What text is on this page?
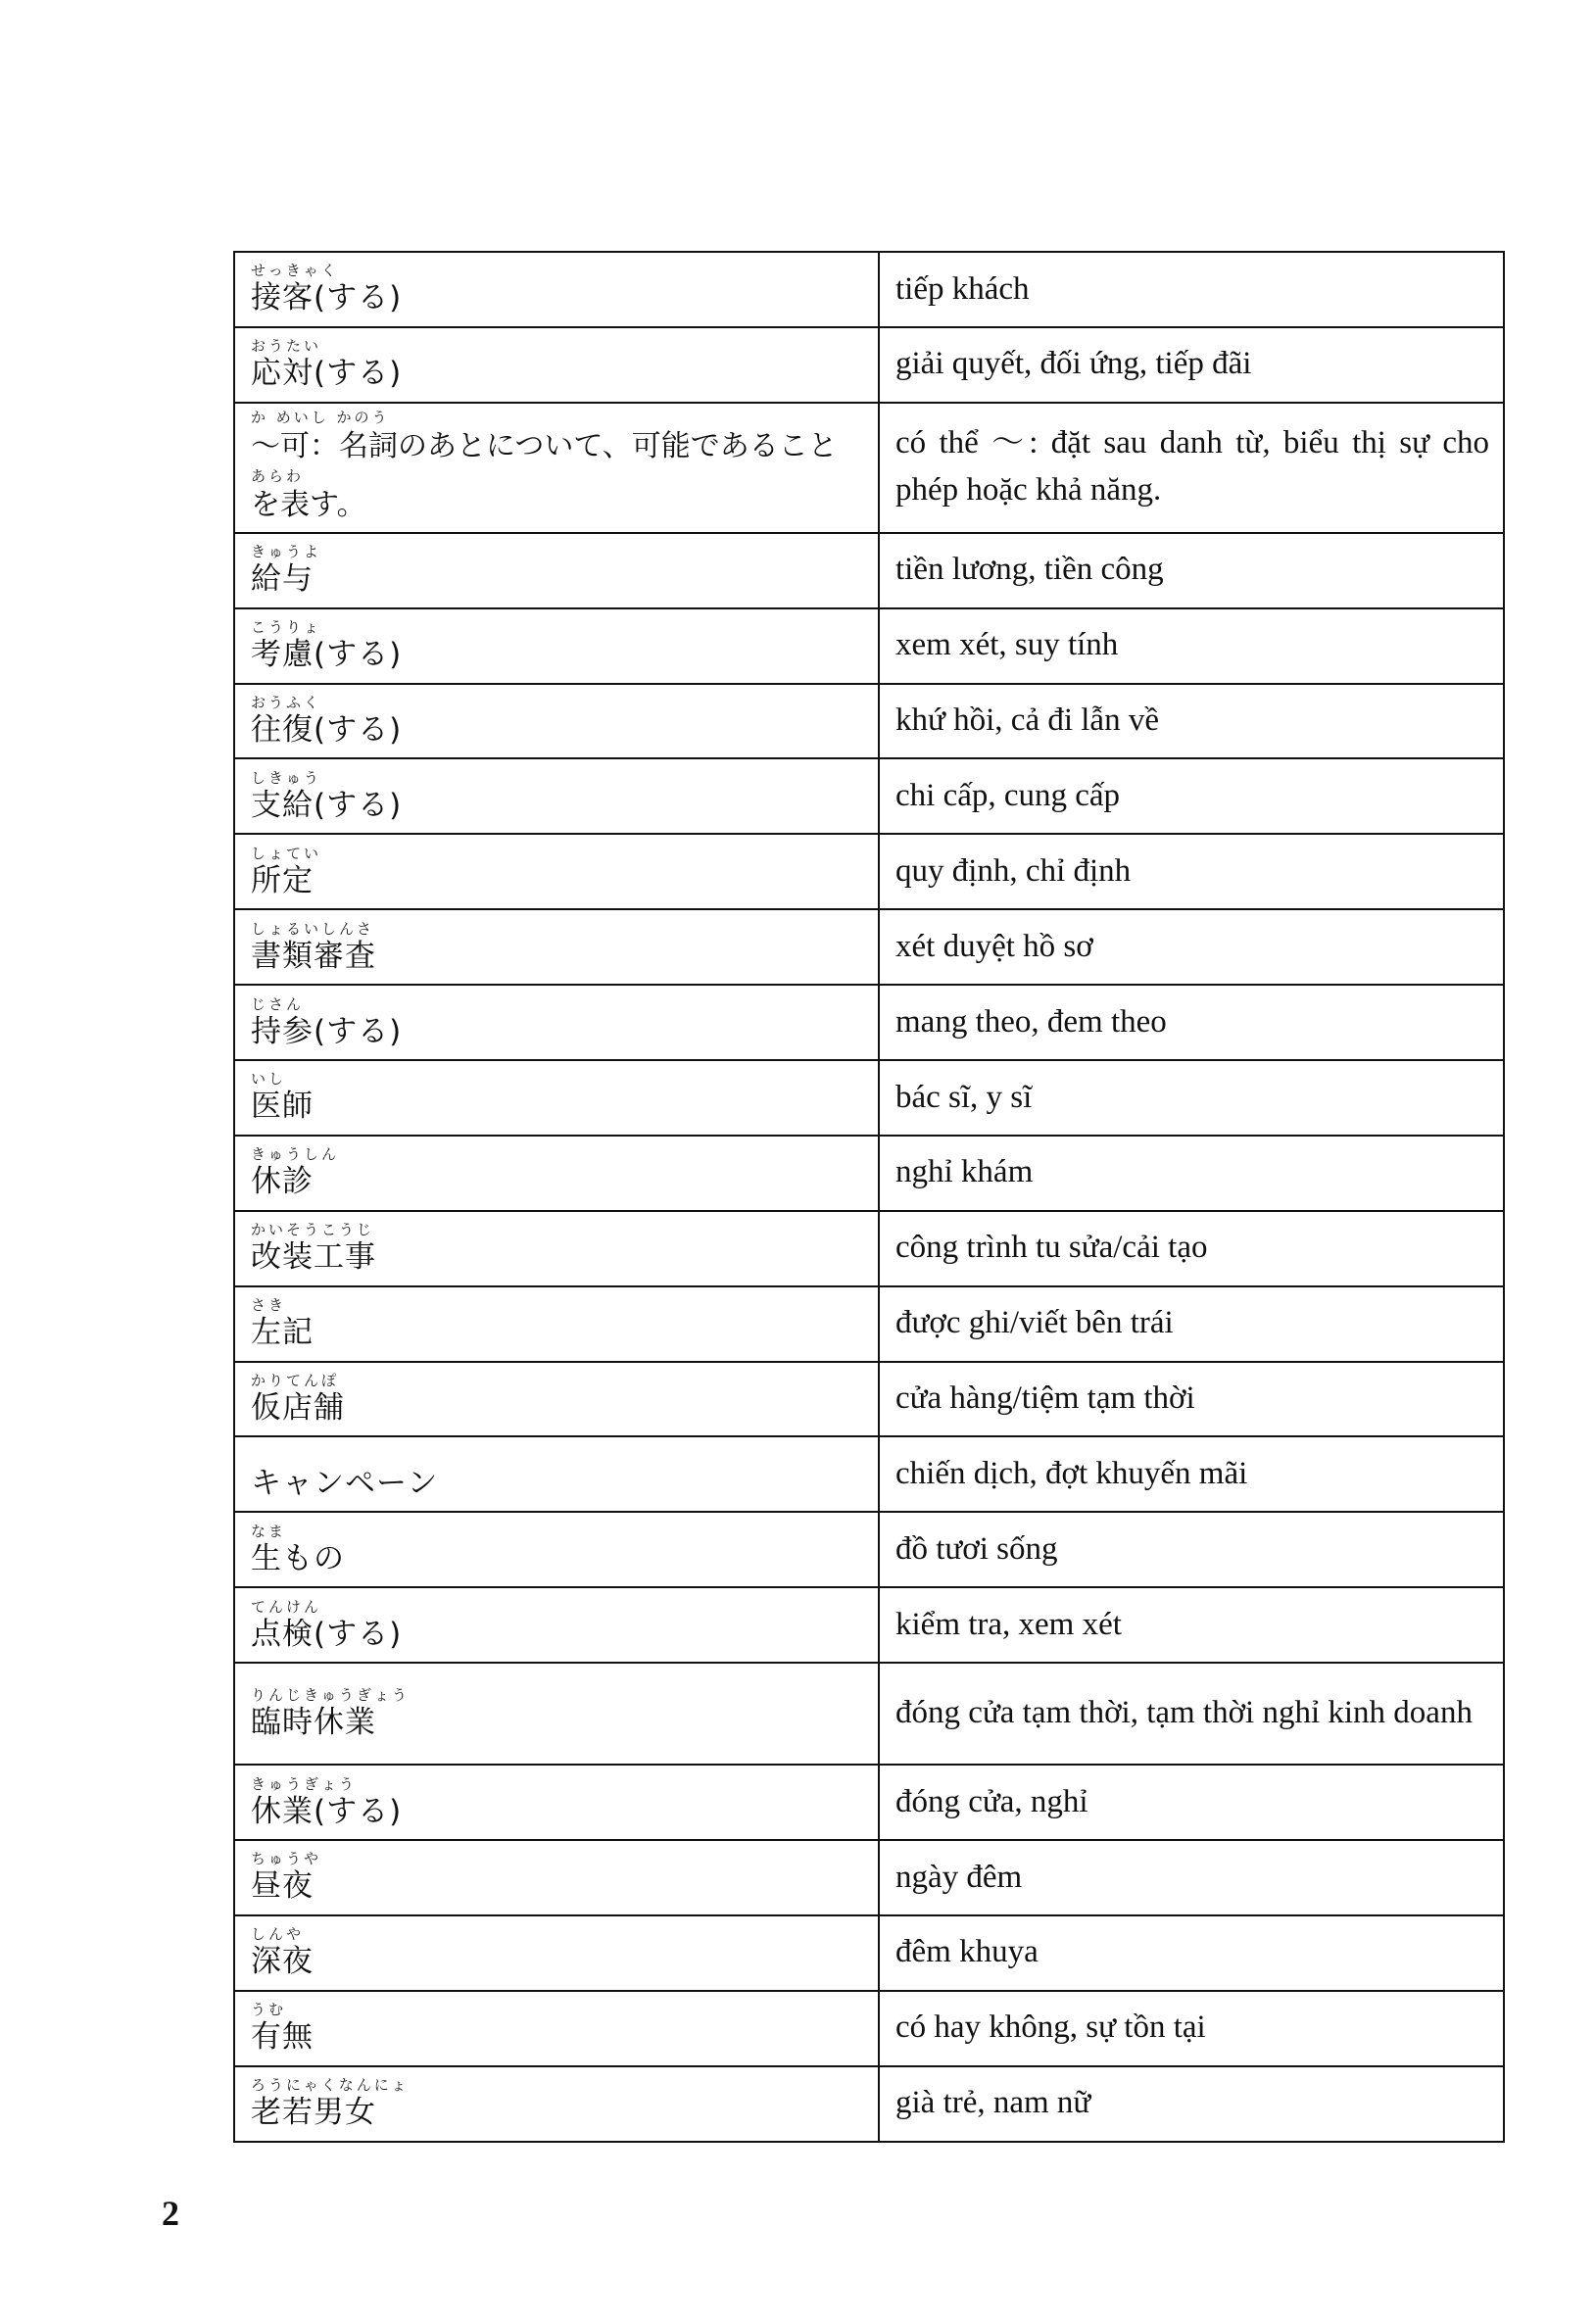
せっきゃく
接客(する)	tiếp khách

おうたい
応対(する)	giải quyết, đối ứng, tiếp đãi

か めいし かのう
〜可：名詞のあとについて、可能であること
あらわ
を表す。	có thể ～: đặt sau danh từ, biểu thị sự cho phép hoặc khả năng.

きゅうよ
給与	tiền lương, tiền công

こうりょ
考慮(する)	xem xét, suy tính

おうふく
往復(する)	khứ hồi, cả đi lẫn về

しきゅう
支給(する)	chi cấp, cung cấp

しょてい
所定	quy định, chỉ định

しょるいしんさ
書類審査	xét duyệt hồ sơ

じさん
持参(する)	mang theo, đem theo

いし
医師	bác sĩ, y sĩ

きゅうしん
休診	nghỉ khám

かいそうこうじ
改装工事	công trình tu sửa/cải tạo

さき
左記	được ghi/viết bên trái

かりてんぽ
仮店舗	cửa hàng/tiệm tạm thời

キャンペーン	chiến dịch, đợt khuyến mãi

なま
生もの	đồ tươi sống

てんけん
点検(する)	kiểm tra, xem xét

りんじきゅうぎょう
臨時休業	đóng cửa tạm thời, tạm thời nghỉ kinh doanh

きゅうぎょう
休業(する)	đóng cửa, nghỉ

ちゅうや
昼夜	ngày đêm

しんや
深夜	đêm khuya

うむ
有無	có hay không, sự tồn tại

ろうにゃくなんにょ
老若男女	già trẻ, nam nữ
2
